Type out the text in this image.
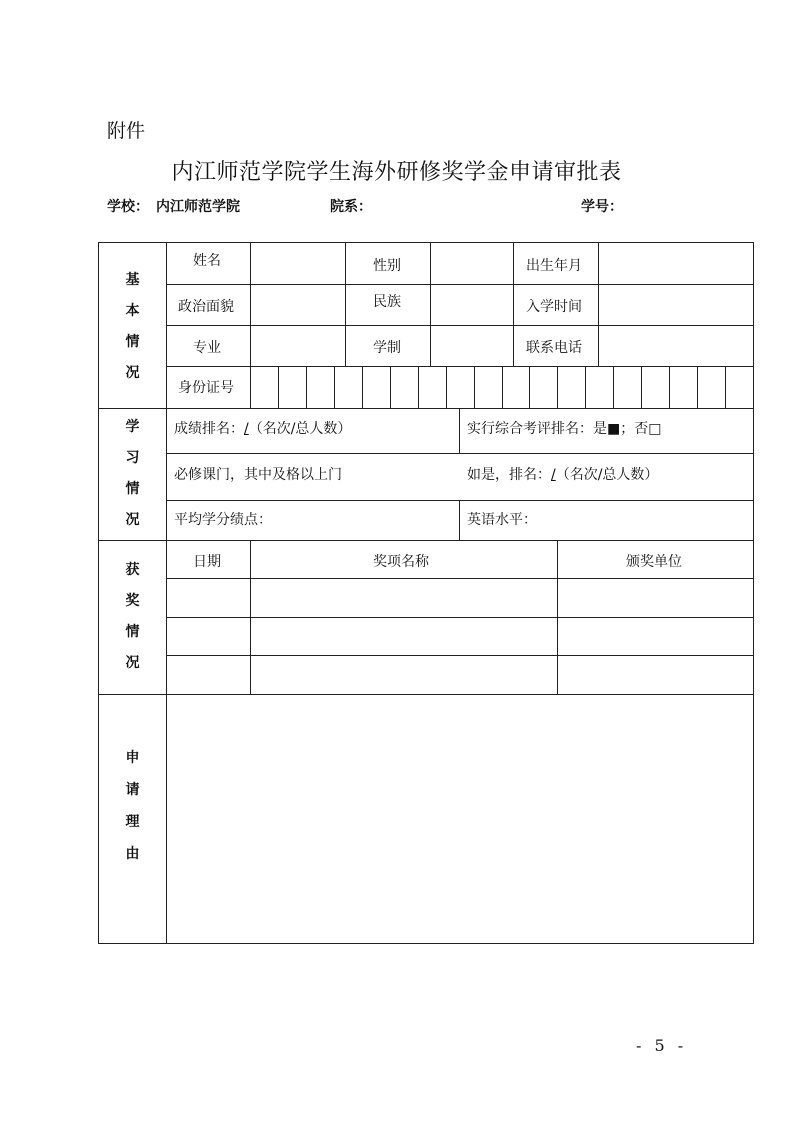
附件
内江师范学院学生海外研修奖学金申请审批表
学校： 内江师范学院	院系：	学号：
基
本
情
况
姓名	性别	出生年月
政治面貌	民族	入学时间
专业	学制	联系电话
身份证号
学
习
情
况
成绩排名：/（名次/总人数）	实行综合考评排名：是■；否□
必修课门，其中及格以上门	如是，排名：/（名次/总人数）
平均学分绩点：	英语水平：
获
奖
情
况
日期	奖项名称	颁奖单位
申
请
理
由
- 5 -
